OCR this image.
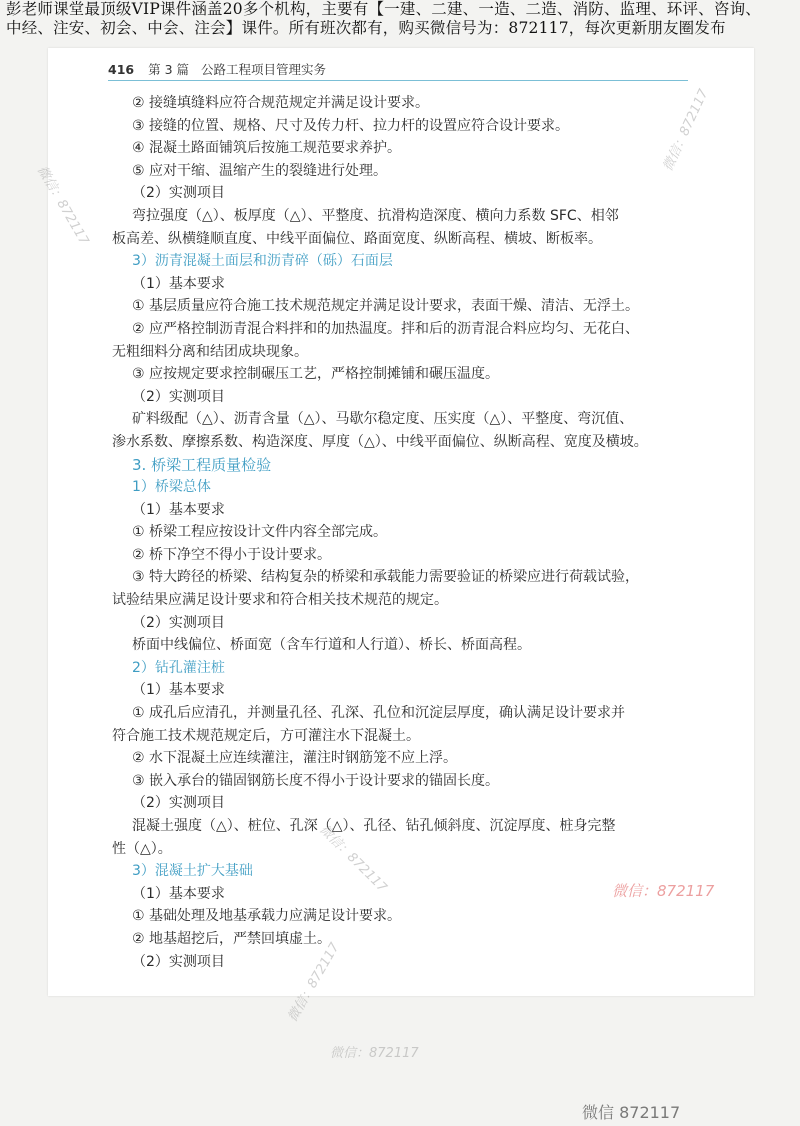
彭老师课堂最顶级VIP课件涵盖20多个机构，主要有【一建、二建、一造、二造、消防、监理、环评、咨询、
中经、注安、初会、中会、注会】课件。所有班次都有，购买微信号为：872117，每次更新朋友圈发布
416 第 3 篇 公路工程项目管理实务
② 接缝填缝料应符合规范规定并满足设计要求。
③ 接缝的位置、规格、尺寸及传力杆、拉力杆的设置应符合设计要求。
④ 混凝土路面铺筑后按施工规范要求养护。
⑤ 应对干缩、温缩产生的裂缝进行处理。
（2）实测项目
弯拉强度（△）、板厚度（△）、平整度、抗滑构造深度、横向力系数 SFC、相邻
板高差、纵横缝顺直度、中线平面偏位、路面宽度、纵断高程、横坡、断板率。
3）沥青混凝土面层和沥青碎（砾）石面层
（1）基本要求
① 基层质量应符合施工技术规范规定并满足设计要求，表面干燥、清洁、无浮土。
② 应严格控制沥青混合料拌和的加热温度。拌和后的沥青混合料应均匀、无花白、
无粗细料分离和结团成块现象。
③ 应按规定要求控制碾压工艺，严格控制摊铺和碾压温度。
（2）实测项目
矿料级配（△）、沥青含量（△）、马歇尔稳定度、压实度（△）、平整度、弯沉值、
渗水系数、摩擦系数、构造深度、厚度（△）、中线平面偏位、纵断高程、宽度及横坡。
3. 桥梁工程质量检验
1）桥梁总体
（1）基本要求
① 桥梁工程应按设计文件内容全部完成。
② 桥下净空不得小于设计要求。
③ 特大跨径的桥梁、结构复杂的桥梁和承载能力需要验证的桥梁应进行荷载试验，
试验结果应满足设计要求和符合相关技术规范的规定。
（2）实测项目
桥面中线偏位、桥面宽（含车行道和人行道）、桥长、桥面高程。
2）钻孔灌注桩
（1）基本要求
① 成孔后应清孔，并测量孔径、孔深、孔位和沉淀层厚度，确认满足设计要求并
符合施工技术规范规定后，方可灌注水下混凝土。
② 水下混凝土应连续灌注，灌注时钢筋笼不应上浮。
③ 嵌入承台的锚固钢筋长度不得小于设计要求的锚固长度。
（2）实测项目
混凝土强度（△）、桩位、孔深（△）、孔径、钻孔倾斜度、沉淀厚度、桩身完整
性（△）。
3）混凝土扩大基础
（1）基本要求
① 基础处理及地基承载力应满足设计要求。
② 地基超挖后，严禁回填虚土。
（2）实测项目
微信：872117
微信：872117
微信：872117	微信：872117
微信：872117
微信：872117
微信 872117
